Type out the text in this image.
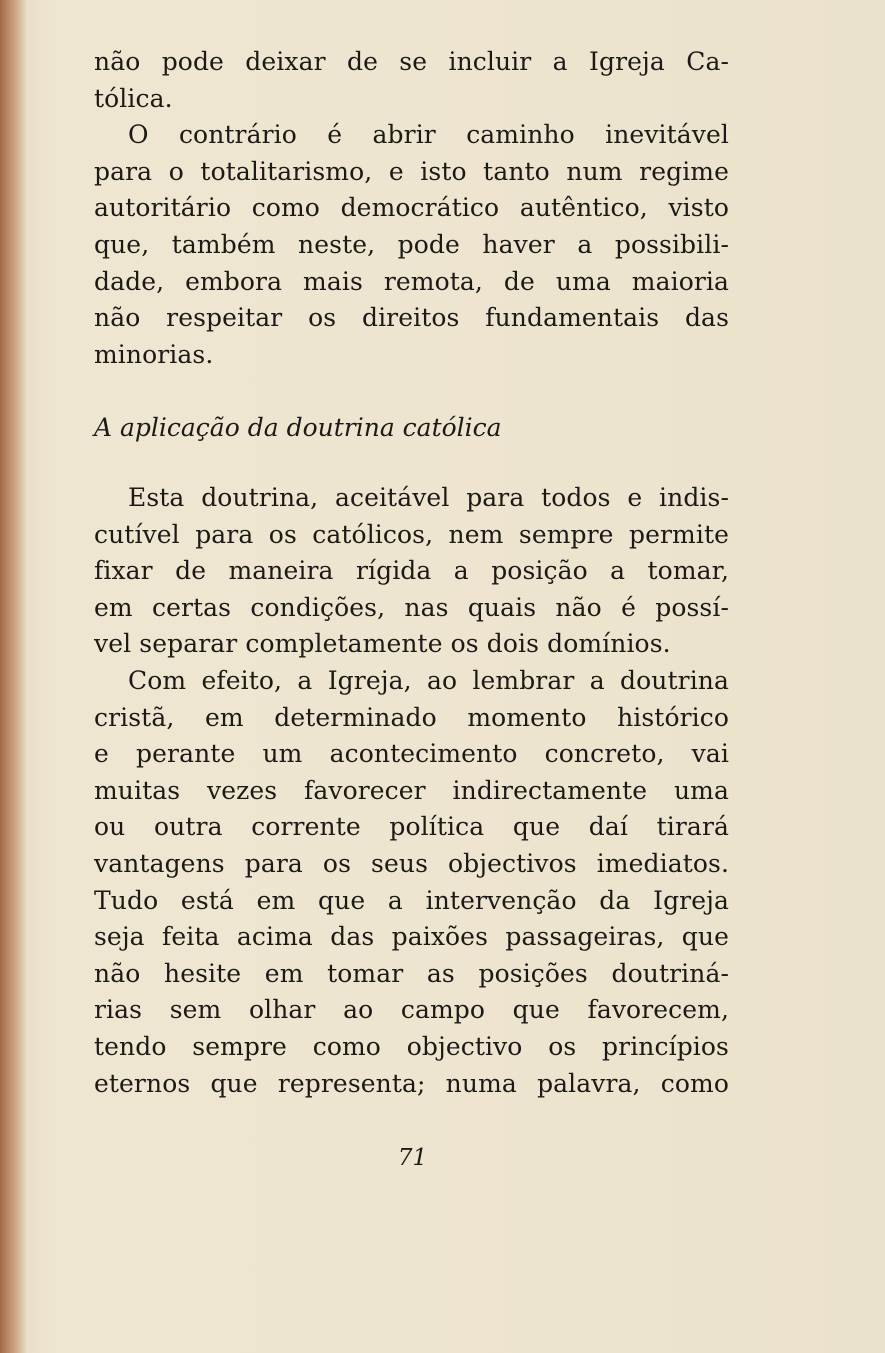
não pode deixar de se incluir a Igreja Ca-
tólica.
O contrário é abrir caminho inevitável
para o totalitarismo, e isto tanto num regime
autoritário como democrático autêntico, visto
que, também neste, pode haver a possibili-
dade, embora mais remota, de uma maioria
não respeitar os direitos fundamentais das
minorias.
A aplicação da doutrina católica
Esta doutrina, aceitável para todos e indis-
cutível para os católicos, nem sempre permite
fixar de maneira rígida a posição a tomar,
em certas condições, nas quais não é possí-
vel separar completamente os dois domínios.
Com efeito, a Igreja, ao lembrar a doutrina
cristã, em determinado momento histórico
e perante um acontecimento concreto, vai
muitas vezes favorecer indirectamente uma
ou outra corrente política que daí tirará
vantagens para os seus objectivos imediatos.
Tudo está em que a intervenção da Igreja
seja feita acima das paixões passageiras, que
não hesite em tomar as posições doutriná-
rias sem olhar ao campo que favorecem,
tendo sempre como objectivo os princípios
eternos que representa; numa palavra, como
71
